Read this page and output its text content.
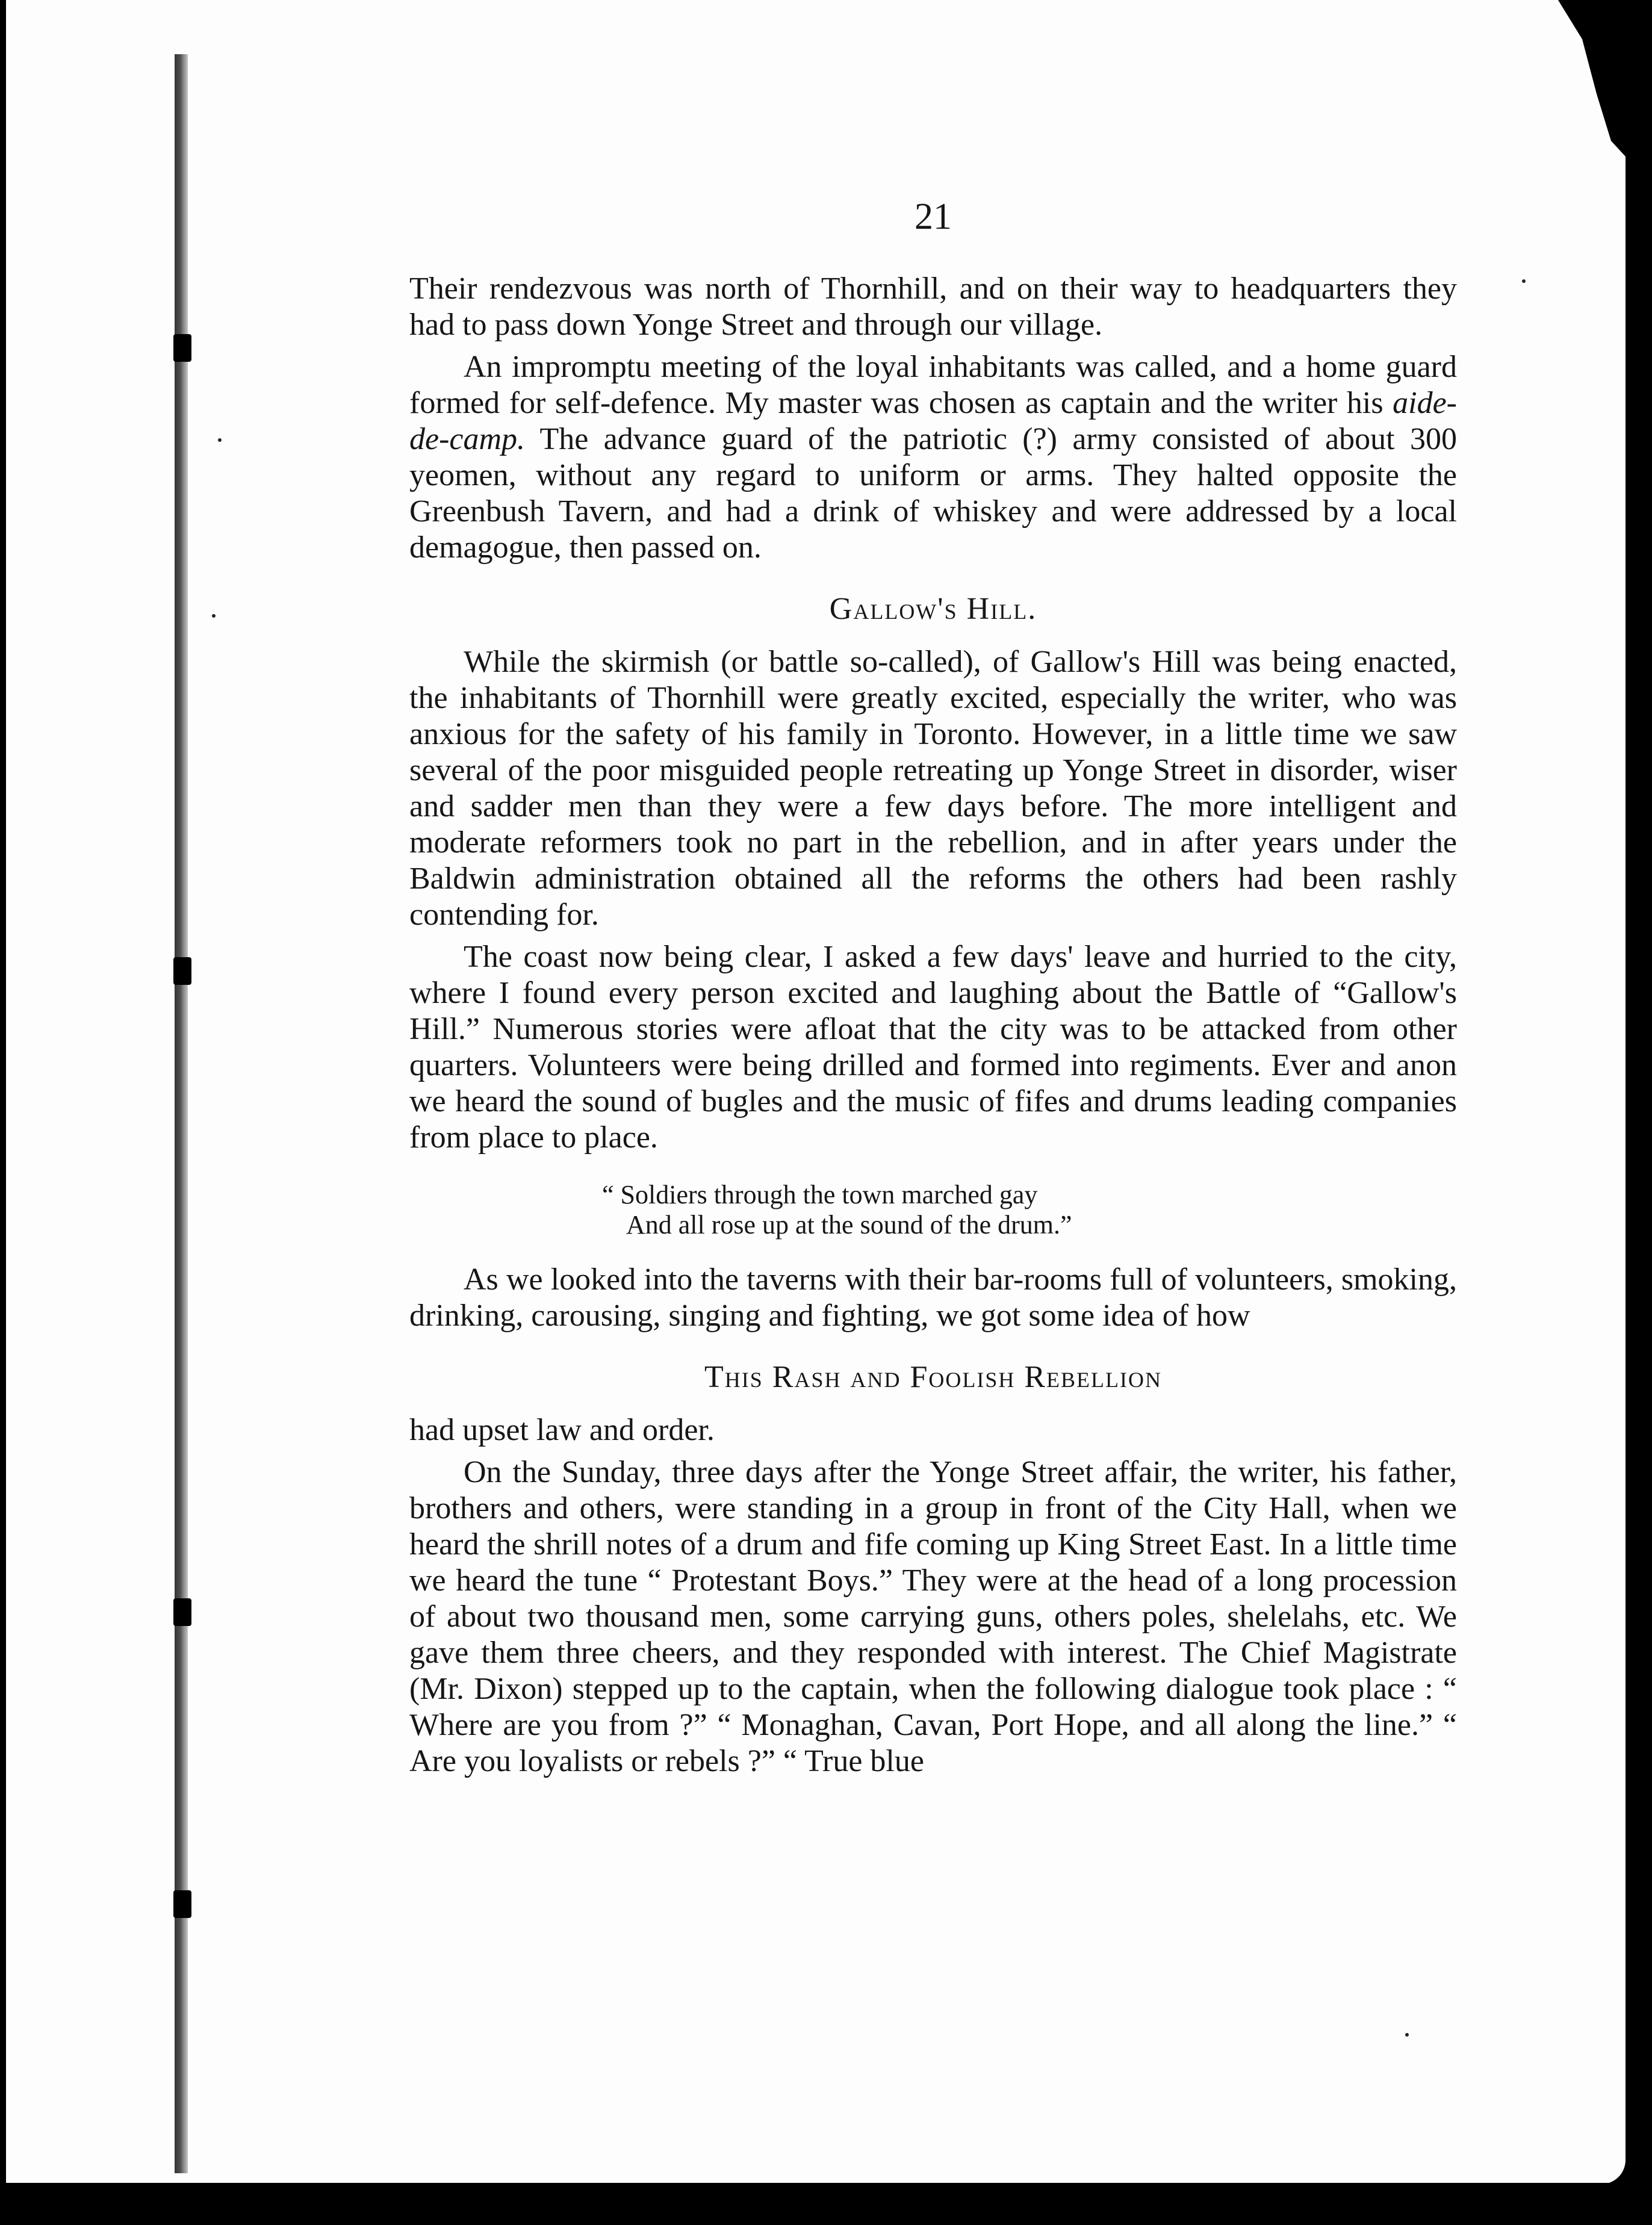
21

Their rendezvous was north of Thornhill, and on their way to headquarters they had to pass down Yonge Street and through our village.

An impromptu meeting of the loyal inhabitants was called, and a home guard formed for self-defence. My master was chosen as captain and the writer his aide-de-camp. The advance guard of the patriotic (?) army consisted of about 300 yeomen, without any regard to uniform or arms. They halted opposite the Greenbush Tavern, and had a drink of whiskey and were addressed by a local demagogue, then passed on.

Gallow's Hill.

While the skirmish (or battle so-called), of Gallow's Hill was being enacted, the inhabitants of Thornhill were greatly excited, especially the writer, who was anxious for the safety of his family in Toronto. However, in a little time we saw several of the poor misguided people retreating up Yonge Street in disorder, wiser and sadder men than they were a few days before. The more intelligent and moderate reformers took no part in the rebellion, and in after years under the Baldwin administration obtained all the reforms the others had been rashly contending for.

The coast now being clear, I asked a few days' leave and hurried to the city, where I found every person excited and laughing about the Battle of “Gallow's Hill.” Numerous stories were afloat that the city was to be attacked from other quarters. Volunteers were being drilled and formed into regiments. Ever and anon we heard the sound of bugles and the music of fifes and drums leading companies from place to place.

“ Soldiers through the town marched gay

And all rose up at the sound of the drum.”

As we looked into the taverns with their bar-rooms full of volunteers, smoking, drinking, carousing, singing and fighting, we got some idea of how

This Rash and Foolish Rebellion

had upset law and order.

On the Sunday, three days after the Yonge Street affair, the writer, his father, brothers and others, were standing in a group in front of the City Hall, when we heard the shrill notes of a drum and fife coming up King Street East. In a little time we heard the tune “ Protestant Boys.” They were at the head of a long procession of about two thousand men, some carrying guns, others poles, shelelahs, etc. We gave them three cheers, and they responded with interest. The Chief Magistrate (Mr. Dixon) stepped up to the captain, when the following dialogue took place : “ Where are you from ?” “ Monaghan, Cavan, Port Hope, and all along the line.” “ Are you loyalists or rebels ?” “ True blue
